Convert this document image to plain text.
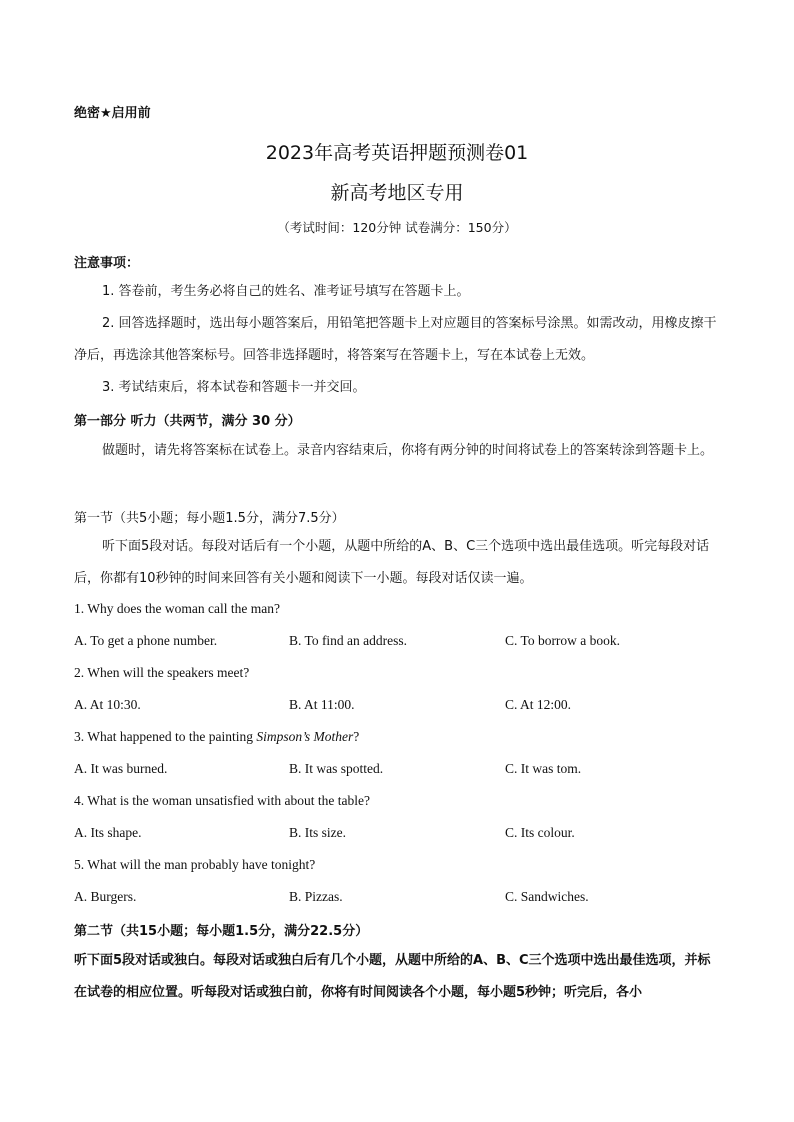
绝密★启用前
2023年高考英语押题预测卷01
新高考地区专用
（考试时间：120分钟 试卷满分：150分）
注意事项：
1. 答卷前，考生务必将自己的姓名、准考证号填写在答题卡上。
2. 回答选择题时，选出每小题答案后，用铅笔把答题卡上对应题目的答案标号涂黑。如需改动，用橡皮擦干净后，再选涂其他答案标号。回答非选择题时，将答案写在答题卡上，写在本试卷上无效。
3. 考试结束后，将本试卷和答题卡一并交回。
第一部分 听力（共两节，满分 30 分）
做题时，请先将答案标在试卷上。录音内容结束后，你将有两分钟的时间将试卷上的答案转涂到答题卡上。
第一节（共5小题；每小题1.5分，满分7.5分）
听下面5段对话。每段对话后有一个小题，从题中所给的A、B、C三个选项中选出最佳选项。听完每段对话后，你都有10秒钟的时间来回答有关小题和阅读下一小题。每段对话仅读一遍。
1. Why does the woman call the man?
A. To get a phone number.	B. To find an address.	C. To borrow a book.
2. When will the speakers meet?
A. At 10:30.	B. At 11:00.	C. At 12:00.
3. What happened to the painting Simpson’s Mother?
A. It was burned.	B. It was spotted.	C. It was tom.
4. What is the woman unsatisfied with about the table?
A. Its shape.	B. Its size.	C. Its colour.
5. What will the man probably have tonight?
A. Burgers.	B. Pizzas.	C. Sandwiches.
第二节（共15小题；每小题1.5分，满分22.5分）
听下面5段对话或独白。每段对话或独白后有几个小题，从题中所给的A、B、C三个选项中选出最佳选项，并标在试卷的相应位置。听每段对话或独白前，你将有时间阅读各个小题，每小题5秒钟；听完后，各小
